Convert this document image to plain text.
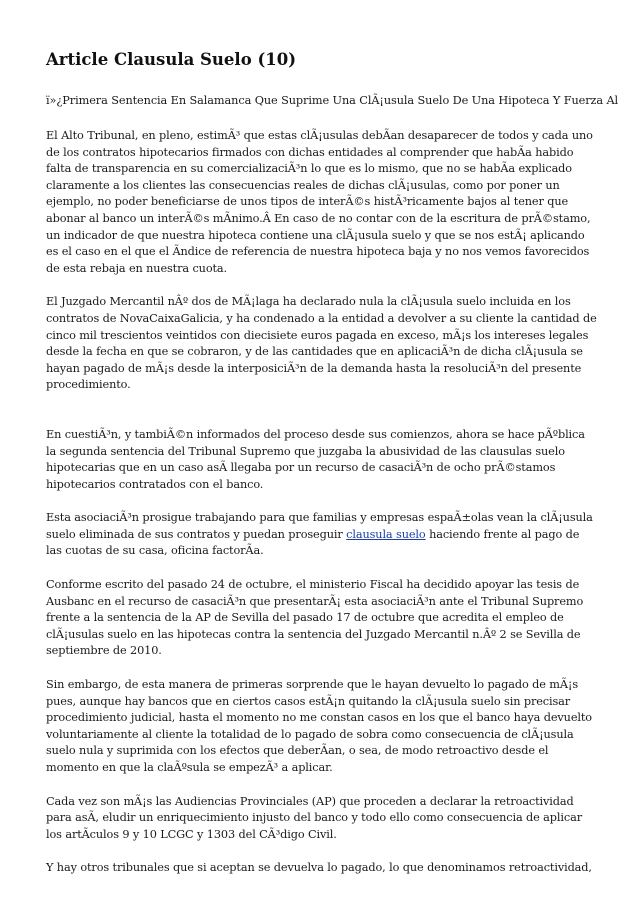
Article Clausula Suelo (10)
ï»¿Primera Sentencia En Salamanca Que Suprime Una ClÃ¡usula Suelo De Una Hipoteca Y Fuerza Al

El Alto Tribunal, en pleno, estimÃ³ que estas clÃ¡usulas debÃan desaparecer de todos y cada uno de los contratos hipotecarios firmados con dichas entidades al comprender que habÃa habido falta de transparencia en su comercializaciÃ³n lo que es lo mismo, que no se habÃa explicado claramente a los clientes las consecuencias reales de dichas clÃ¡usulas, como por poner un ejemplo, no poder beneficiarse de unos tipos de interÃ©s histÃ³ricamente bajos al tener que abonar al banco un interÃ©s mÃnimo.Â En caso de no contar con de la escritura de prÃ©stamo, un indicador de que nuestra hipoteca contiene una clÃ¡usula suelo y que se nos estÃ¡ aplicando es el caso en el que el Ãndice de referencia de nuestra hipoteca baja y no nos vemos favorecidos de esta rebaja en nuestra cuota.

El Juzgado Mercantil nÂº dos de MÃ¡laga ha declarado nula la clÃ¡usula suelo incluida en los contratos de NovaCaixaGalicia, y ha condenado a la entidad a devolver a su cliente la cantidad de cinco mil trescientos veintidos con diecisiete euros pagada en exceso, mÃ¡s los intereses legales desde la fecha en que se cobraron, y de las cantidades que en aplicaciÃ³n de dicha clÃ¡usula se hayan pagado de mÃ¡s desde la interposiciÃ³n de la demanda hasta la resoluciÃ³n del presente procedimiento.

En cuestiÃ³n, y tambiÃ©n informados del proceso desde sus comienzos, ahora se hace pÃºblica la segunda sentencia del Tribunal Supremo que juzgaba la abusividad de las clausulas suelo hipotecarias que en un caso asÃ llegaba por un recurso de casaciÃ³n de ocho prÃ©stamos hipotecarios contratados con el banco.

Esta asociaciÃ³n prosigue trabajando para que familias y empresas espaÃ±olas vean la clÃ¡usula suelo eliminada de sus contratos y puedan proseguir clausula suelo haciendo frente al pago de las cuotas de su casa, oficina factorÃa.

Conforme escrito del pasado 24 de octubre, el ministerio Fiscal ha decidido apoyar las tesis de Ausbanc en el recurso de casaciÃ³n que presentarÃ¡ esta asociaciÃ³n ante el Tribunal Supremo frente a la sentencia de la AP de Sevilla del pasado 17 de octubre que acredita el empleo de clÃ¡usulas suelo en las hipotecas contra la sentencia del Juzgado Mercantil n.Âº 2 se Sevilla de septiembre de 2010.

Sin embargo, de esta manera de primeras sorprende que le hayan devuelto lo pagado de mÃ¡s pues, aunque hay bancos que en ciertos casos estÃ¡n quitando la clÃ¡usula suelo sin precisar procedimiento judicial, hasta el momento no me constan casos en los que el banco haya devuelto voluntariamente al cliente la totalidad de lo pagado de sobra como consecuencia de clÃ¡usula suelo nula y suprimida con los efectos que deberÃan, o sea, de modo retroactivo desde el momento en que la claÃºsula se empezÃ³ a aplicar.

Cada vez son mÃ¡s las Audiencias Provinciales (AP) que proceden a declarar la retroactividad para asÃ, eludir un enriquecimiento injusto del banco y todo ello como consecuencia de aplicar los artÃculos 9 y 10 LCGC y 1303 del CÃ³digo Civil.

Y hay otros tribunales que si aceptan se devuelva lo pagado, lo que denominamos retroactividad,
